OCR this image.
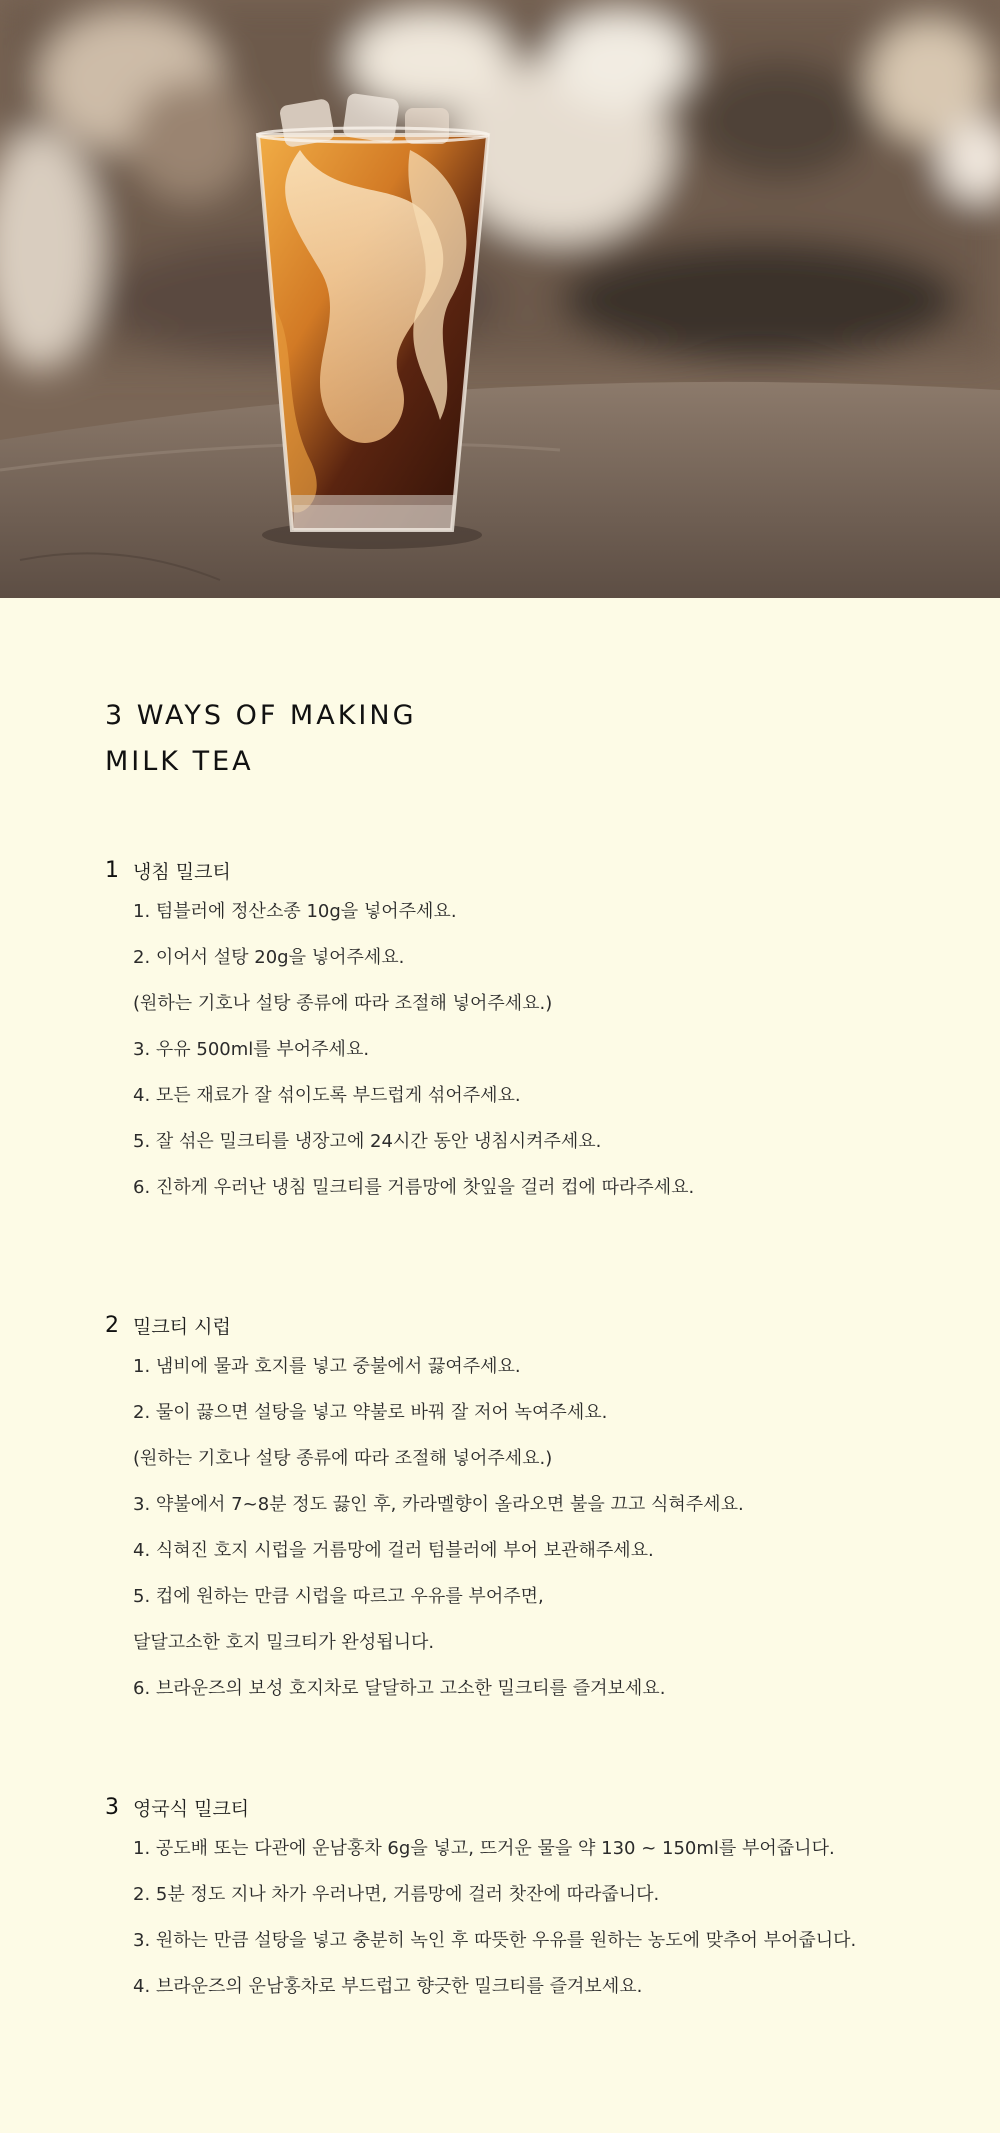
3 WAYS OF MAKING
MILK TEA
1 냉침 밀크티
1. 텀블러에 정산소종 10g을 넣어주세요.
2. 이어서 설탕 20g을 넣어주세요.
(원하는 기호나 설탕 종류에 따라 조절해 넣어주세요.)
3. 우유 500ml를 부어주세요.
4. 모든 재료가 잘 섞이도록 부드럽게 섞어주세요.
5. 잘 섞은 밀크티를 냉장고에 24시간 동안 냉침시켜주세요.
6. 진하게 우러난 냉침 밀크티를 거름망에 찻잎을 걸러 컵에 따라주세요.
2 밀크티 시럽
1. 냄비에 물과 호지를 넣고 중불에서 끓여주세요.
2. 물이 끓으면 설탕을 넣고 약불로 바꿔 잘 저어 녹여주세요.
(원하는 기호나 설탕 종류에 따라 조절해 넣어주세요.)
3. 약불에서 7~8분 정도 끓인 후, 카라멜향이 올라오면 불을 끄고 식혀주세요.
4. 식혀진 호지 시럽을 거름망에 걸러 텀블러에 부어 보관해주세요.
5. 컵에 원하는 만큼 시럽을 따르고 우유를 부어주면,
달달고소한 호지 밀크티가 완성됩니다.
6. 브라운즈의 보성 호지차로 달달하고 고소한 밀크티를 즐겨보세요.
3 영국식 밀크티
1. 공도배 또는 다관에 운남홍차 6g을 넣고, 뜨거운 물을 약 130 ~ 150ml를 부어줍니다.
2. 5분 정도 지나 차가 우러나면, 거름망에 걸러 찻잔에 따라줍니다.
3. 원하는 만큼 설탕을 넣고 충분히 녹인 후 따뜻한 우유를 원하는 농도에 맞추어 부어줍니다.
4. 브라운즈의 운남홍차로 부드럽고 향긋한 밀크티를 즐겨보세요.
